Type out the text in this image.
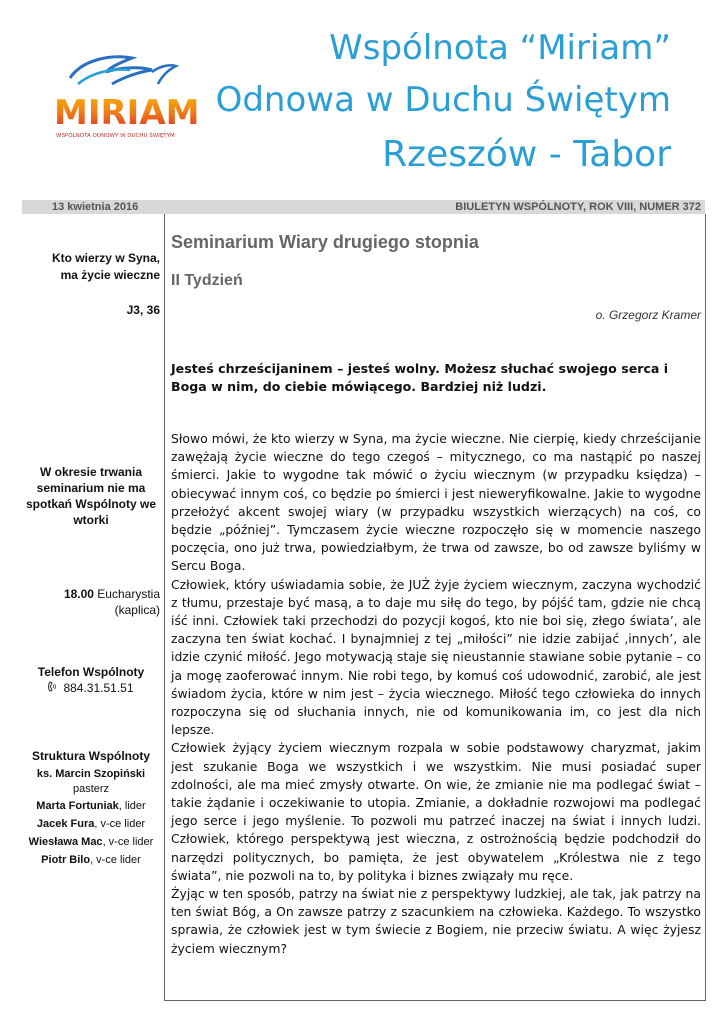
MIRIAM
WSPÓLNOTA ODNOWY W DUCHU ŚWIĘTYM
Wspólnota “Miriam”
Odnowa w Duchu Świętym
Rzeszów - Tabor
13 kwietnia 2016	BIULETYN WSPÓLNOTY, ROK VIII, NUMER 372
Kto wierzy w Syna,
ma życie wieczne
J3, 36
W okresie trwania
seminarium nie ma
spotkań Wspólnoty we
wtorki
18.00 Eucharystia (kaplica)
Telefon Wspólnoty
884.31.51.51
Struktura Wspólnoty
ks. Marcin Szopiński
pasterz
Marta Fortuniak, lider
Jacek Fura, v-ce lider
Wiesława Mac, v-ce lider
Piotr Bilo, v-ce lider
Seminarium Wiary drugiego stopnia
II Tydzień
o. Grzegorz Kramer
Jesteś chrześcijaninem – jesteś wolny. Możesz słuchać swojego serca i Boga w nim, do ciebie mówiącego. Bardziej niż ludzi.

Słowo mówi, że kto wierzy w Syna, ma życie wieczne. Nie cierpię, kiedy chrześcijanie zawężają życie wieczne do tego czegoś – mitycznego, co ma nastąpić po naszej śmierci. Jakie to wygodne tak mówić o życiu wiecznym (w przypadku księdza) – obiecywać innym coś, co będzie po śmierci i jest nieweryfikowalne. Jakie to wygodne przełożyć akcent swojej wiary (w przypadku wszystkich wierzących) na coś, co będzie „później”. Tymczasem życie wieczne rozpoczęło się w momencie naszego poczęcia, ono już trwa, powiedziałbym, że trwa od zawsze, bo od zawsze byliśmy w Sercu Boga.

Człowiek, który uświadamia sobie, że JUŻ żyje życiem wiecznym, zaczyna wychodzić z tłumu, przestaje być masą, a to daje mu siłę do tego, by pójść tam, gdzie nie chcą iść inni. Człowiek taki przechodzi do pozycji kogoś, kto nie boi się, złego świata’, ale zaczyna ten świat kochać. I bynajmniej z tej „miłości” nie idzie zabijać ‚innych’, ale idzie czynić miłość. Jego motywacją staje się nieustannie stawiane sobie pytanie – co ja mogę zaoferować innym. Nie robi tego, by komuś coś udowodnić, zarobić, ale jest świadom życia, które w nim jest – życia wiecznego. Miłość tego człowieka do innych rozpoczyna się od słuchania innych, nie od komunikowania im, co jest dla nich lepsze.

Człowiek żyjący życiem wiecznym rozpala w sobie podstawowy charyzmat, jakim jest szukanie Boga we wszystkich i we wszystkim. Nie musi posiadać super zdolności, ale ma mieć zmysły otwarte. On wie, że zmianie nie ma podlegać świat – takie żądanie i oczekiwanie to utopia. Zmianie, a dokładnie rozwojowi ma podlegać jego serce i jego myślenie. To pozwoli mu patrzeć inaczej na świat i innych ludzi. Człowiek, którego perspektywą jest wieczna, z ostrożnością będzie podchodził do narzędzi politycznych, bo pamięta, że jest obywatelem „Królestwa nie z tego świata”, nie pozwoli na to, by polityka i biznes związały mu ręce.

Żyjąc w ten sposób, patrzy na świat nie z perspektywy ludzkiej, ale tak, jak patrzy na ten świat Bóg, a On zawsze patrzy z szacunkiem na człowieka. Każdego. To wszystko sprawia, że człowiek jest w tym świecie z Bogiem, nie przeciw światu. A więc żyjesz życiem wiecznym?
